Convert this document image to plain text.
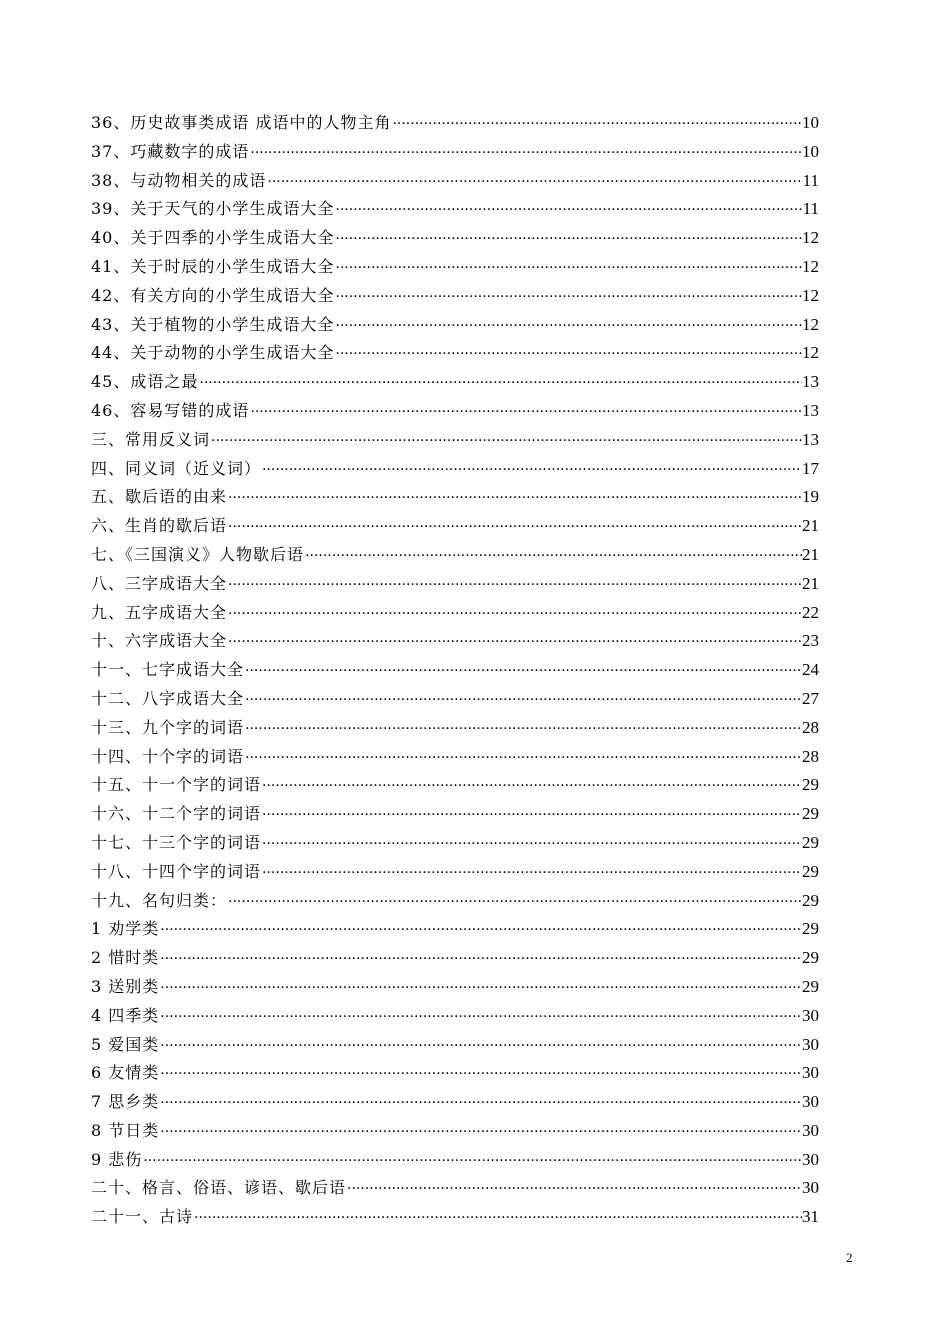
36、历史故事类成语 成语中的人物主角 ·····	10
37、巧藏数字的成语 ·····	10
38、与动物相关的成语 ·····	11
39、关于天气的小学生成语大全 ·····	11
40、关于四季的小学生成语大全 ·····	12
41、关于时辰的小学生成语大全 ·····	12
42、有关方向的小学生成语大全 ·····	12
43、关于植物的小学生成语大全 ·····	12
44、关于动物的小学生成语大全 ·····	12
45、成语之最 ·····	13
46、容易写错的成语 ·····	13
三、常用反义词 ·····	13
四、同义词（近义词） ·····	17
五、歇后语的由来 ·····	19
六、生肖的歇后语 ·····	21
七、《三国演义》人物歇后语 ·····	21
八、三字成语大全 ·····	21
九、五字成语大全 ·····	22
十、六字成语大全 ·····	23
十一、七字成语大全 ·····	24
十二、八字成语大全 ·····	27
十三、九个字的词语 ·····	28
十四、十个字的词语 ·····	28
十五、十一个字的词语 ·····	29
十六、十二个字的词语 ·····	29
十七、十三个字的词语 ·····	29
十八、十四个字的词语 ·····	29
十九、名句归类： ·····	29
1 劝学类 ·····	29
2 惜时类 ·····	29
3 送别类 ·····	29
4 四季类 ·····	30
5 爱国类 ·····	30
6 友情类 ·····	30
7 思乡类 ·····	30
8 节日类 ·····	30
9 悲伤 ·····	30
二十、格言、俗语、谚语、歇后语 ·····	30
二十一、古诗 ·····	31
2
